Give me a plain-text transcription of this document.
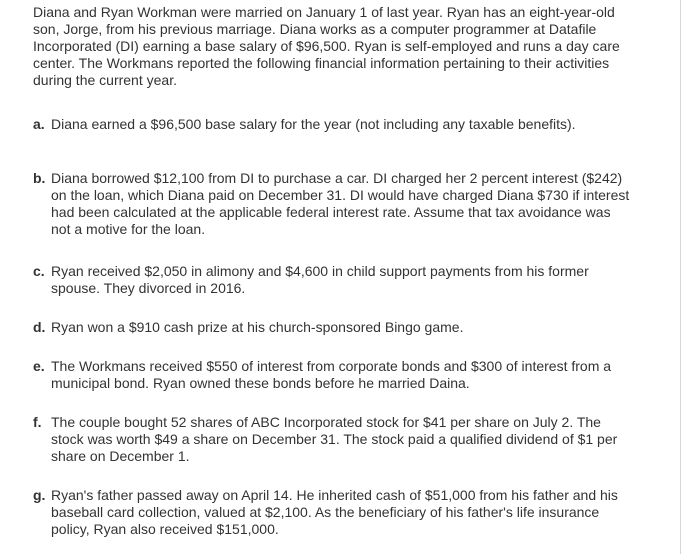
Diana and Ryan Workman were married on January 1 of last year. Ryan has an eight-year-old son, Jorge, from his previous marriage. Diana works as a computer programmer at Datafile Incorporated (DI) earning a base salary of $96,500. Ryan is self-employed and runs a day care center. The Workmans reported the following financial information pertaining to their activities during the current year.

a. Diana earned a $96,500 base salary for the year (not including any taxable benefits).

b. Diana borrowed $12,100 from DI to purchase a car. DI charged her 2 percent interest ($242) on the loan, which Diana paid on December 31. DI would have charged Diana $730 if interest had been calculated at the applicable federal interest rate. Assume that tax avoidance was not a motive for the loan.

c. Ryan received $2,050 in alimony and $4,600 in child support payments from his former spouse. They divorced in 2016.

d. Ryan won a $910 cash prize at his church-sponsored Bingo game.

e. The Workmans received $550 of interest from corporate bonds and $300 of interest from a municipal bond. Ryan owned these bonds before he married Daina.

f. The couple bought 52 shares of ABC Incorporated stock for $41 per share on July 2. The stock was worth $49 a share on December 31. The stock paid a qualified dividend of $1 per share on December 1.

g. Ryan's father passed away on April 14. He inherited cash of $51,000 from his father and his baseball card collection, valued at $2,100. As the beneficiary of his father's life insurance policy, Ryan also received $151,000.
